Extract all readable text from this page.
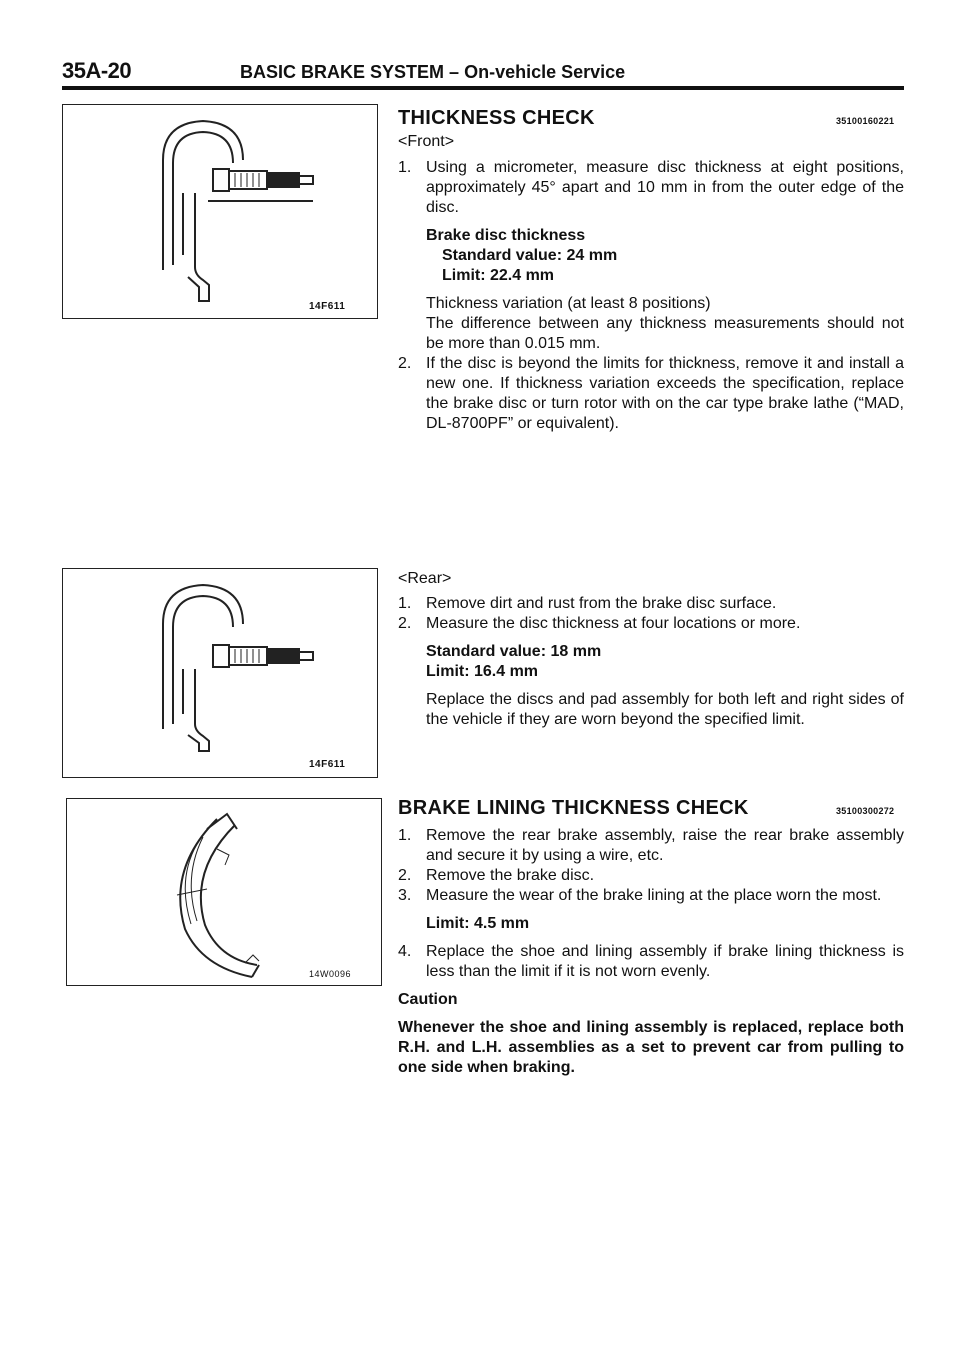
35A-20	BASIC BRAKE SYSTEM – On-vehicle Service
14F611
14F611
14W0096
THICKNESS CHECK	35100160221
<Front>
1. Using a micrometer, measure disc thickness at eight positions, approximately 45° apart and 10 mm in from the outer edge of the disc.
Brake disc thickness
Standard value: 24 mm
Limit: 22.4 mm
Thickness variation (at least 8 positions)
The difference between any thickness measurements should not be more than 0.015 mm.
2. If the disc is beyond the limits for thickness, remove it and install a new one. If thickness variation exceeds the specification, replace the brake disc or turn rotor with on the car type brake lathe (“MAD, DL-8700PF” or equivalent).
<Rear>
1. Remove dirt and rust from the brake disc surface.
2. Measure the disc thickness at four locations or more.
Standard value: 18 mm
Limit: 16.4 mm
Replace the discs and pad assembly for both left and right sides of the vehicle if they are worn beyond the specified limit.
BRAKE LINING THICKNESS CHECK	35100300272
1. Remove the rear brake assembly, raise the rear brake assembly and secure it by using a wire, etc.
2. Remove the brake disc.
3. Measure the wear of the brake lining at the place worn the most.
Limit: 4.5 mm
4. Replace the shoe and lining assembly if brake lining thickness is less than the limit if it is not worn evenly.
Caution
Whenever the shoe and lining assembly is replaced, replace both R.H. and L.H. assemblies as a set to prevent car from pulling to one side when braking.
